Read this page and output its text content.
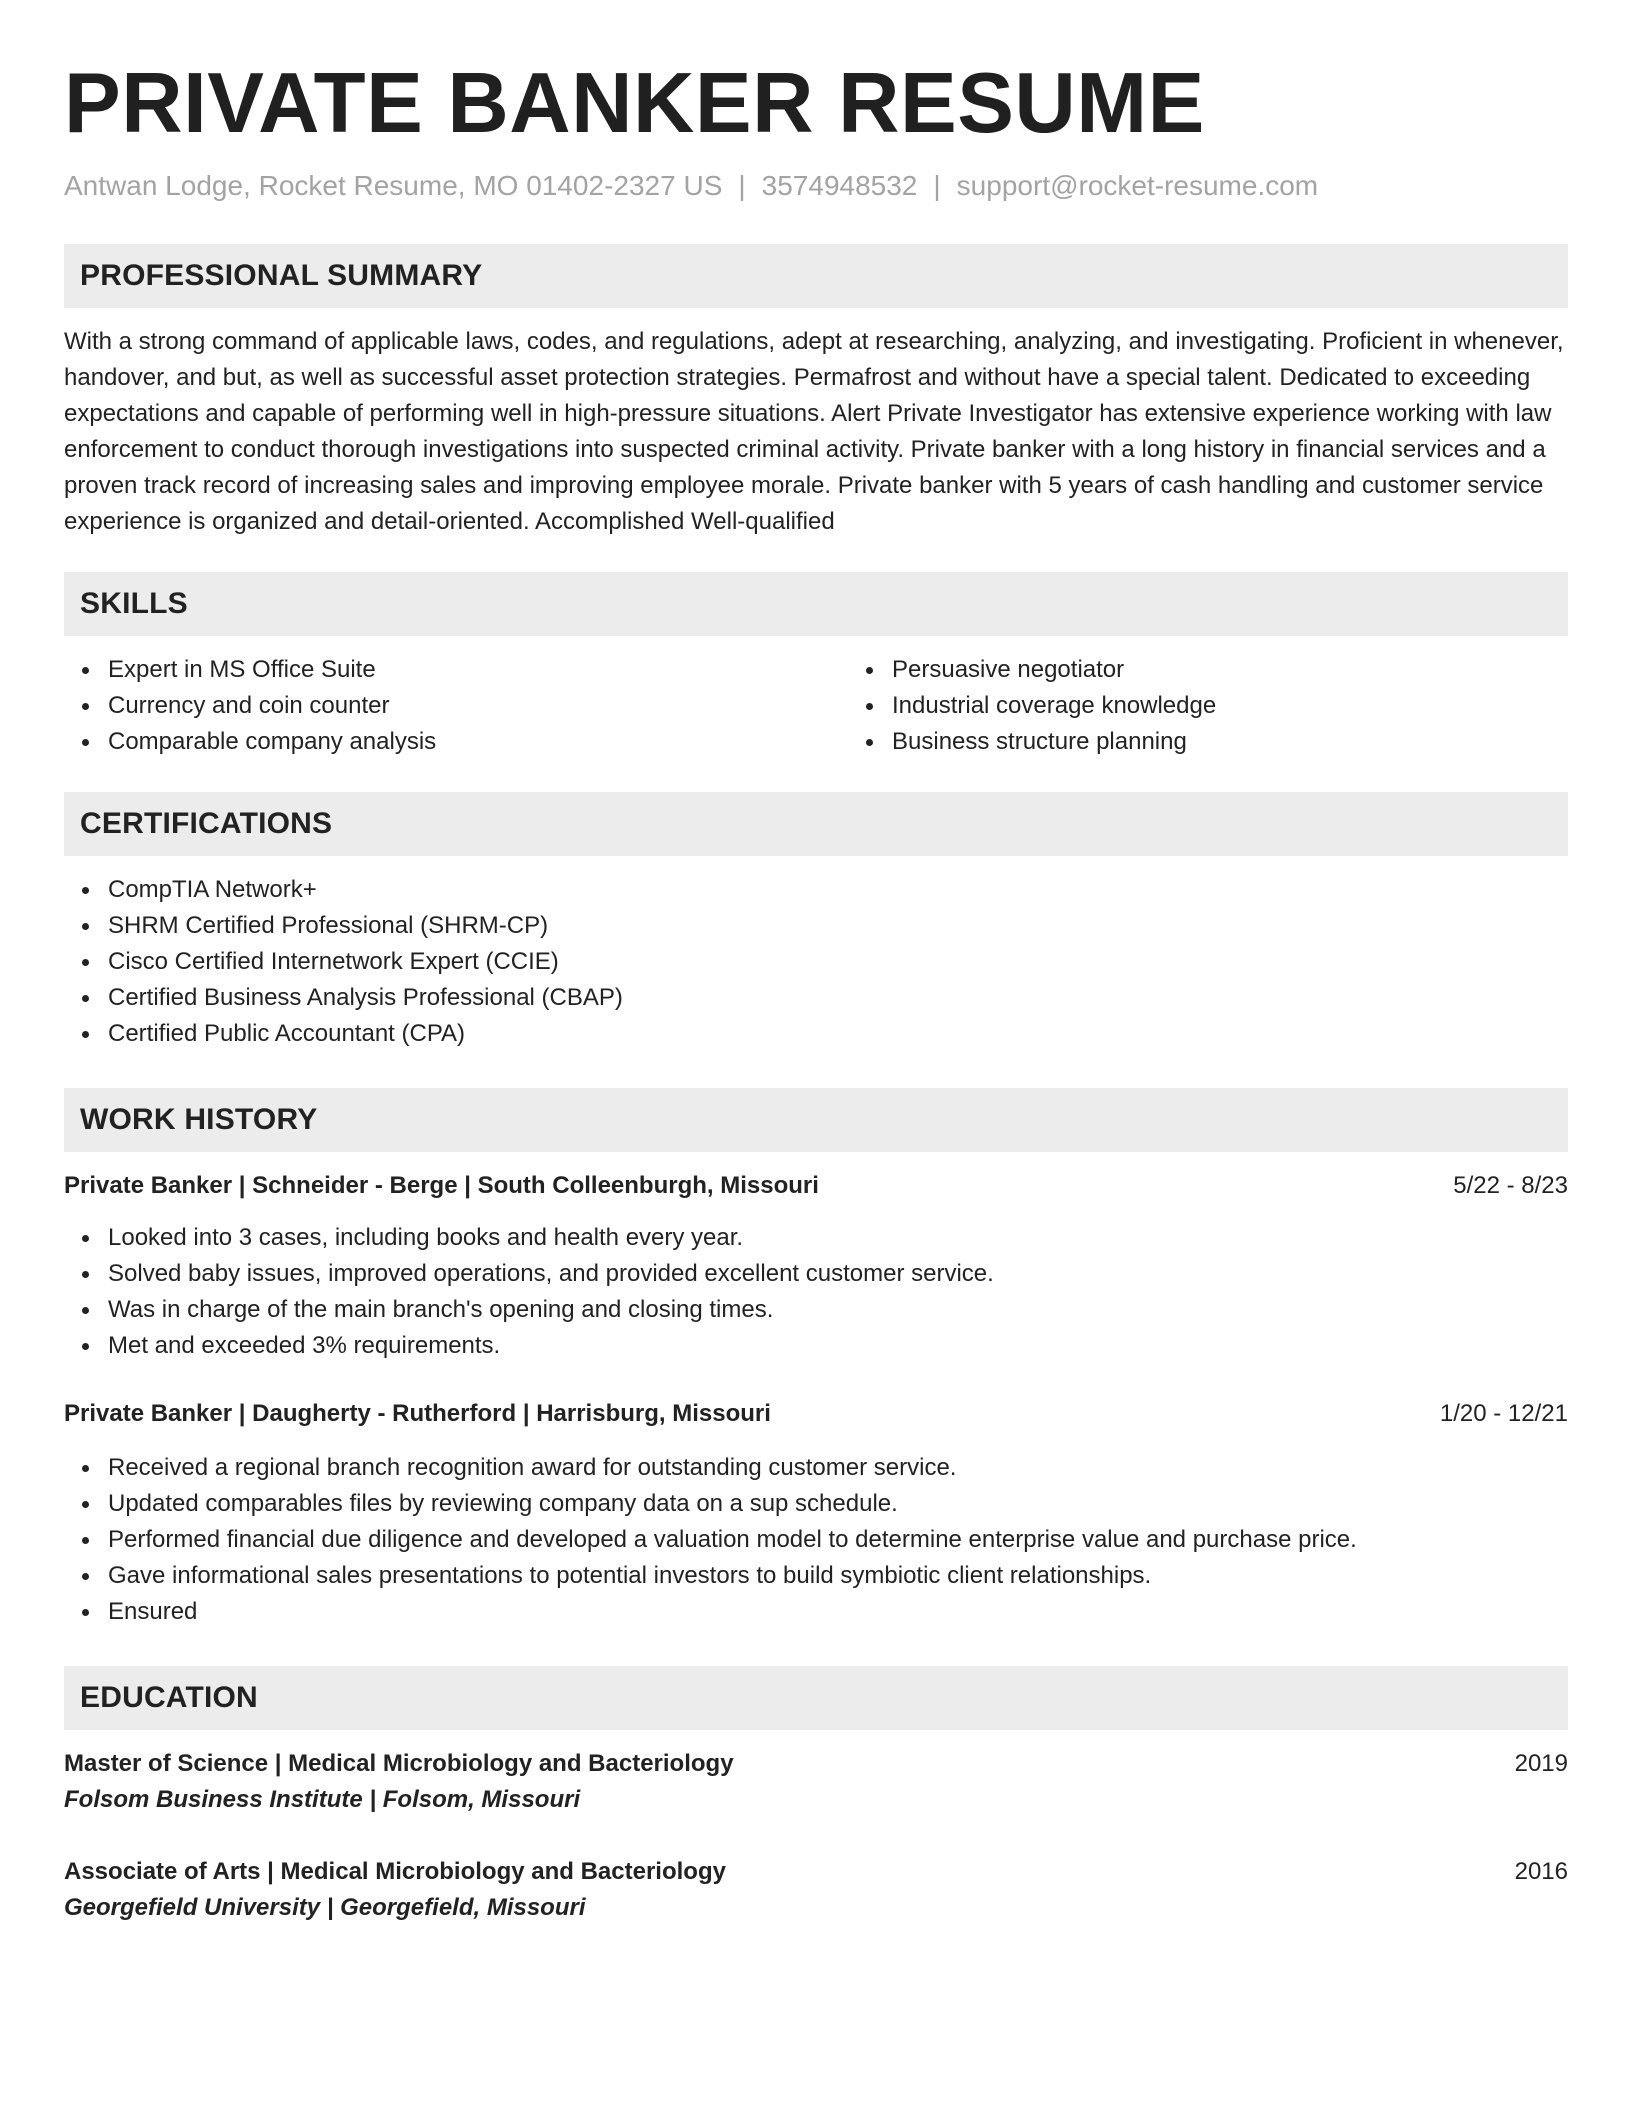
PRIVATE BANKER RESUME
Antwan Lodge, Rocket Resume, MO 01402-2327 US | 3574948532 | support@rocket-resume.com
PROFESSIONAL SUMMARY

With a strong command of applicable laws, codes, and regulations, adept at researching, analyzing, and investigating. Proficient in whenever, handover, and but, as well as successful asset protection strategies. Permafrost and without have a special talent. Dedicated to exceeding expectations and capable of performing well in high-pressure situations. Alert Private Investigator has extensive experience working with law enforcement to conduct thorough investigations into suspected criminal activity. Private banker with a long history in financial services and a proven track record of increasing sales and improving employee morale. Private banker with 5 years of cash handling and customer service experience is organized and detail-oriented. Accomplished Well-qualified

SKILLS
Expert in MS Office Suite
Currency and coin counter
Comparable company analysis
Persuasive negotiator
Industrial coverage knowledge
Business structure planning
CERTIFICATIONS
CompTIA Network+
SHRM Certified Professional (SHRM-CP)
Cisco Certified Internetwork Expert (CCIE)
Certified Business Analysis Professional (CBAP)
Certified Public Accountant (CPA)
WORK HISTORY
Private Banker | Schneider - Berge | South Colleenburgh, Missouri	5/22 - 8/23
Looked into 3 cases, including books and health every year.
Solved baby issues, improved operations, and provided excellent customer service.
Was in charge of the main branch's opening and closing times.
Met and exceeded 3% requirements.
Private Banker | Daugherty - Rutherford | Harrisburg, Missouri	1/20 - 12/21
Received a regional branch recognition award for outstanding customer service.
Updated comparables files by reviewing company data on a sup schedule.
Performed financial due diligence and developed a valuation model to determine enterprise value and purchase price.
Gave informational sales presentations to potential investors to build symbiotic client relationships.
Ensured
EDUCATION
Master of Science | Medical Microbiology and Bacteriology	2019
Folsom Business Institute | Folsom, Missouri
Associate of Arts | Medical Microbiology and Bacteriology	2016
Georgefield University | Georgefield, Missouri
